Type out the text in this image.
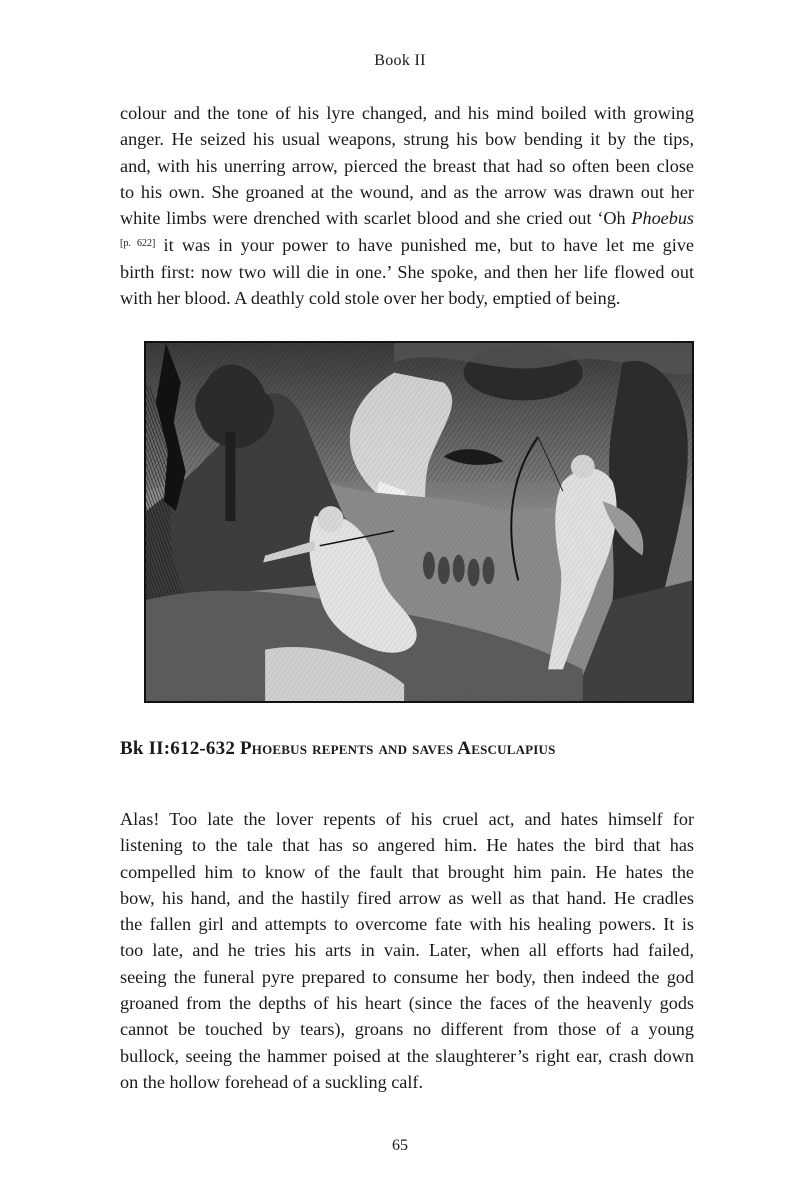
Book II

colour and the tone of his lyre changed, and his mind boiled with growing
anger. He seized his usual weapons, strung his bow bending it by the tips,
and, with his unerring arrow, pierced the breast that had so often been close
to his own. She groaned at the wound, and as the arrow was drawn out her
white limbs were drenched with scarlet blood and she cried out ‘Oh Phoebus
[p. 622] it was in your power to have punished me, but to have let me give
birth first: now two will die in one.’ She spoke, and then her life flowed out
with her blood. A deathly cold stole over her body, emptied of being.

Bk II:612-632 Phoebus repents and saves Aesculapius

Alas! Too late the lover repents of his cruel act, and hates himself for
listening to the tale that has so angered him. He hates the bird that has
compelled him to know of the fault that brought him pain. He hates the
bow, his hand, and the hastily fired arrow as well as that hand. He cradles
the fallen girl and attempts to overcome fate with his healing powers. It is
too late, and he tries his arts in vain. Later, when all efforts had failed,
seeing the funeral pyre prepared to consume her body, then indeed the god
groaned from the depths of his heart (since the faces of the heavenly gods
cannot be touched by tears), groans no different from those of a young
bullock, seeing the hammer poised at the slaughterer’s right ear, crash down
on the hollow forehead of a suckling calf.

65
